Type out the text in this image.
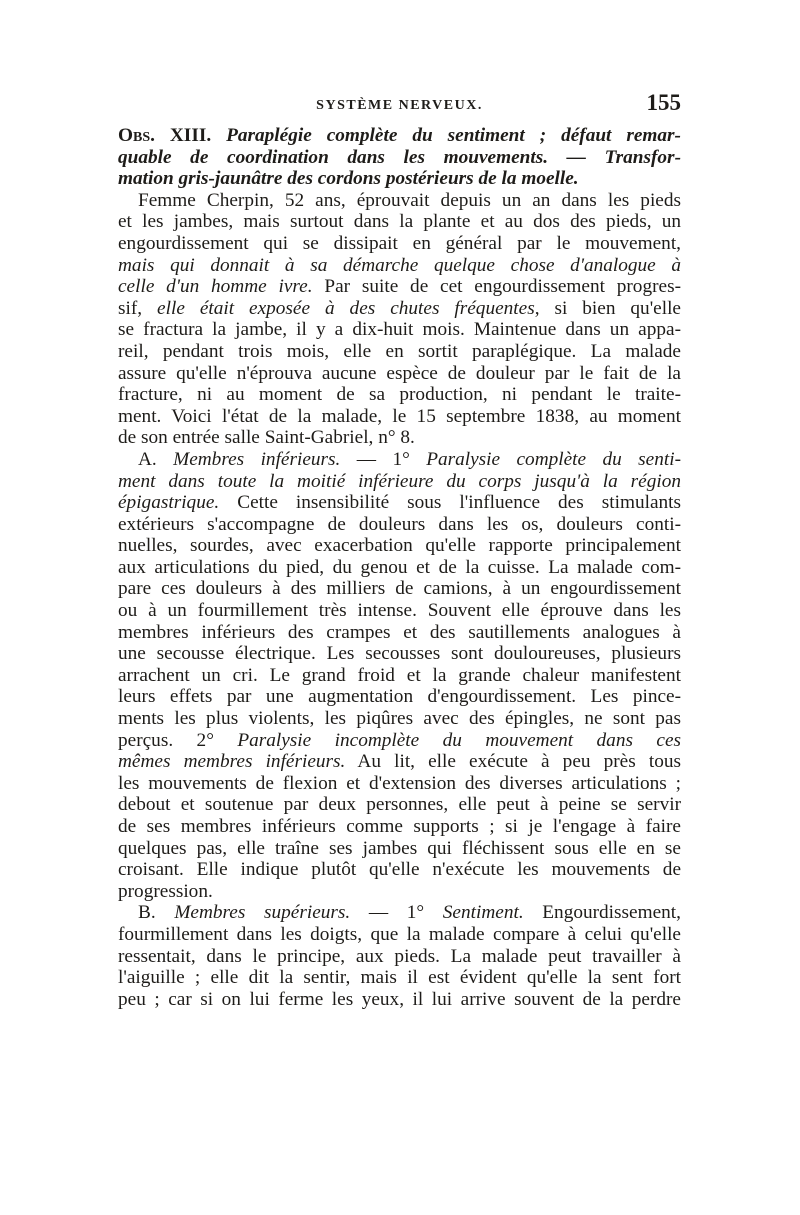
SYSTÈME NERVEUX.	155
Obs. XIII. Paraplégie complète du sentiment ; défaut remar-
quable de coordination dans les mouvements. — Transfor-
mation gris-jaunâtre des cordons postérieurs de la moelle.
Femme Cherpin, 52 ans, éprouvait depuis un an dans les pieds
et les jambes, mais surtout dans la plante et au dos des pieds, un
engourdissement qui se dissipait en général par le mouvement,
mais qui donnait à sa démarche quelque chose d'analogue à
celle d'un homme ivre. Par suite de cet engourdissement progres-
sif, elle était exposée à des chutes fréquentes, si bien qu'elle
se fractura la jambe, il y a dix-huit mois. Maintenue dans un appa-
reil, pendant trois mois, elle en sortit paraplégique. La malade
assure qu'elle n'éprouva aucune espèce de douleur par le fait de la
fracture, ni au moment de sa production, ni pendant le traite-
ment. Voici l'état de la malade, le 15 septembre 1838, au moment
de son entrée salle Saint-Gabriel, n° 8.
A. Membres inférieurs. — 1° Paralysie complète du senti-
ment dans toute la moitié inférieure du corps jusqu'à la région
épigastrique. Cette insensibilité sous l'influence des stimulants
extérieurs s'accompagne de douleurs dans les os, douleurs conti-
nuelles, sourdes, avec exacerbation qu'elle rapporte principalement
aux articulations du pied, du genou et de la cuisse. La malade com-
pare ces douleurs à des milliers de camions, à un engourdissement
ou à un fourmillement très intense. Souvent elle éprouve dans les
membres inférieurs des crampes et des sautillements analogues à
une secousse électrique. Les secousses sont douloureuses, plusieurs
arrachent un cri. Le grand froid et la grande chaleur manifestent
leurs effets par une augmentation d'engourdissement. Les pince-
ments les plus violents, les piqûres avec des épingles, ne sont pas
perçus. 2° Paralysie incomplète du mouvement dans ces
mêmes membres inférieurs. Au lit, elle exécute à peu près tous
les mouvements de flexion et d'extension des diverses articulations ;
debout et soutenue par deux personnes, elle peut à peine se servir
de ses membres inférieurs comme supports ; si je l'engage à faire
quelques pas, elle traîne ses jambes qui fléchissent sous elle en se
croisant. Elle indique plutôt qu'elle n'exécute les mouvements de
progression.
B. Membres supérieurs. — 1° Sentiment. Engourdissement,
fourmillement dans les doigts, que la malade compare à celui qu'elle
ressentait, dans le principe, aux pieds. La malade peut travailler à
l'aiguille ; elle dit la sentir, mais il est évident qu'elle la sent fort
peu ; car si on lui ferme les yeux, il lui arrive souvent de la perdre
